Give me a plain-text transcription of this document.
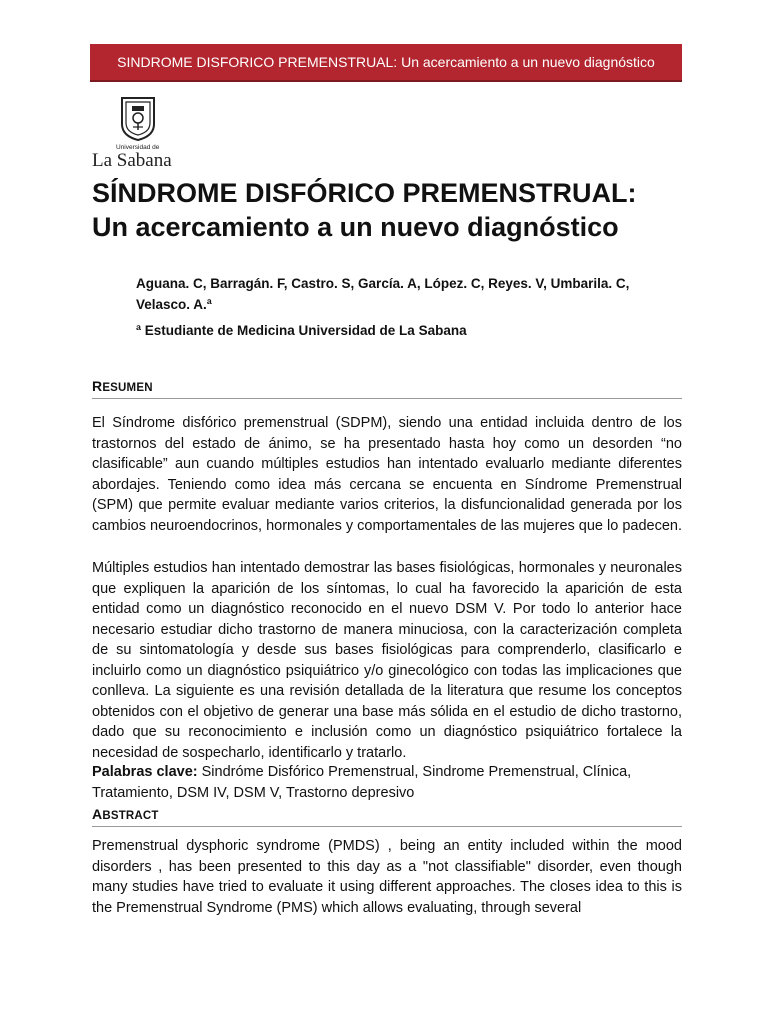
SINDROME DISFORICO PREMENSTRUAL: Un acercamiento a un nuevo diagnóstico
Universidad de
La Sabana
SÍNDROME DISFÓRICO PREMENSTRUAL:
Un acercamiento a un nuevo diagnóstico

Aguana. C, Barragán. F, Castro. S, García. A, López. C, Reyes. V, Umbarila. C, Velasco. A.ª

ª Estudiante de Medicina Universidad de La Sabana

RESUMEN

El Síndrome disfórico premenstrual (SDPM), siendo una entidad incluida dentro de los trastornos del estado de ánimo, se ha presentado hasta hoy como un desorden “no clasificable” aun cuando múltiples estudios han intentado evaluarlo mediante diferentes abordajes. Teniendo como idea más cercana se encuenta en Síndrome Premenstrual (SPM) que permite evaluar mediante varios criterios, la disfuncionalidad generada por los cambios neuroendocrinos, hormonales y comportamentales de las mujeres que lo padecen.

Múltiples estudios han intentado demostrar las bases fisiológicas, hormonales y neuronales que expliquen la aparición de los síntomas, lo cual ha favorecido la aparición de esta entidad como un diagnóstico reconocido en el nuevo DSM V. Por todo lo anterior hace necesario estudiar dicho trastorno de manera minuciosa, con la caracterización completa de su sintomatología y desde sus bases fisiológicas para comprenderlo, clasificarlo e incluirlo como un diagnóstico psiquiátrico y/o ginecológico con todas las implicaciones que conlleva. La siguiente es una revisión detallada de la literatura que resume los conceptos obtenidos con el objetivo de generar una base más sólida en el estudio de dicho trastorno, dado que su reconocimiento e inclusión como un diagnóstico psiquiátrico fortalece la necesidad de sospecharlo, identificarlo y tratarlo.

Palabras clave: Sindróme Disfórico Premenstrual, Sindrome Premenstrual, Clínica, Tratamiento, DSM IV, DSM V, Trastorno depresivo

ABSTRACT

Premenstrual dysphoric syndrome (PMDS) , being an entity included within the mood disorders , has been presented to this day as a "not classifiable" disorder, even though many studies have tried to evaluate it using different approaches. The closes idea to this is the Premenstrual Syndrome (PMS) which allows evaluating, through several
